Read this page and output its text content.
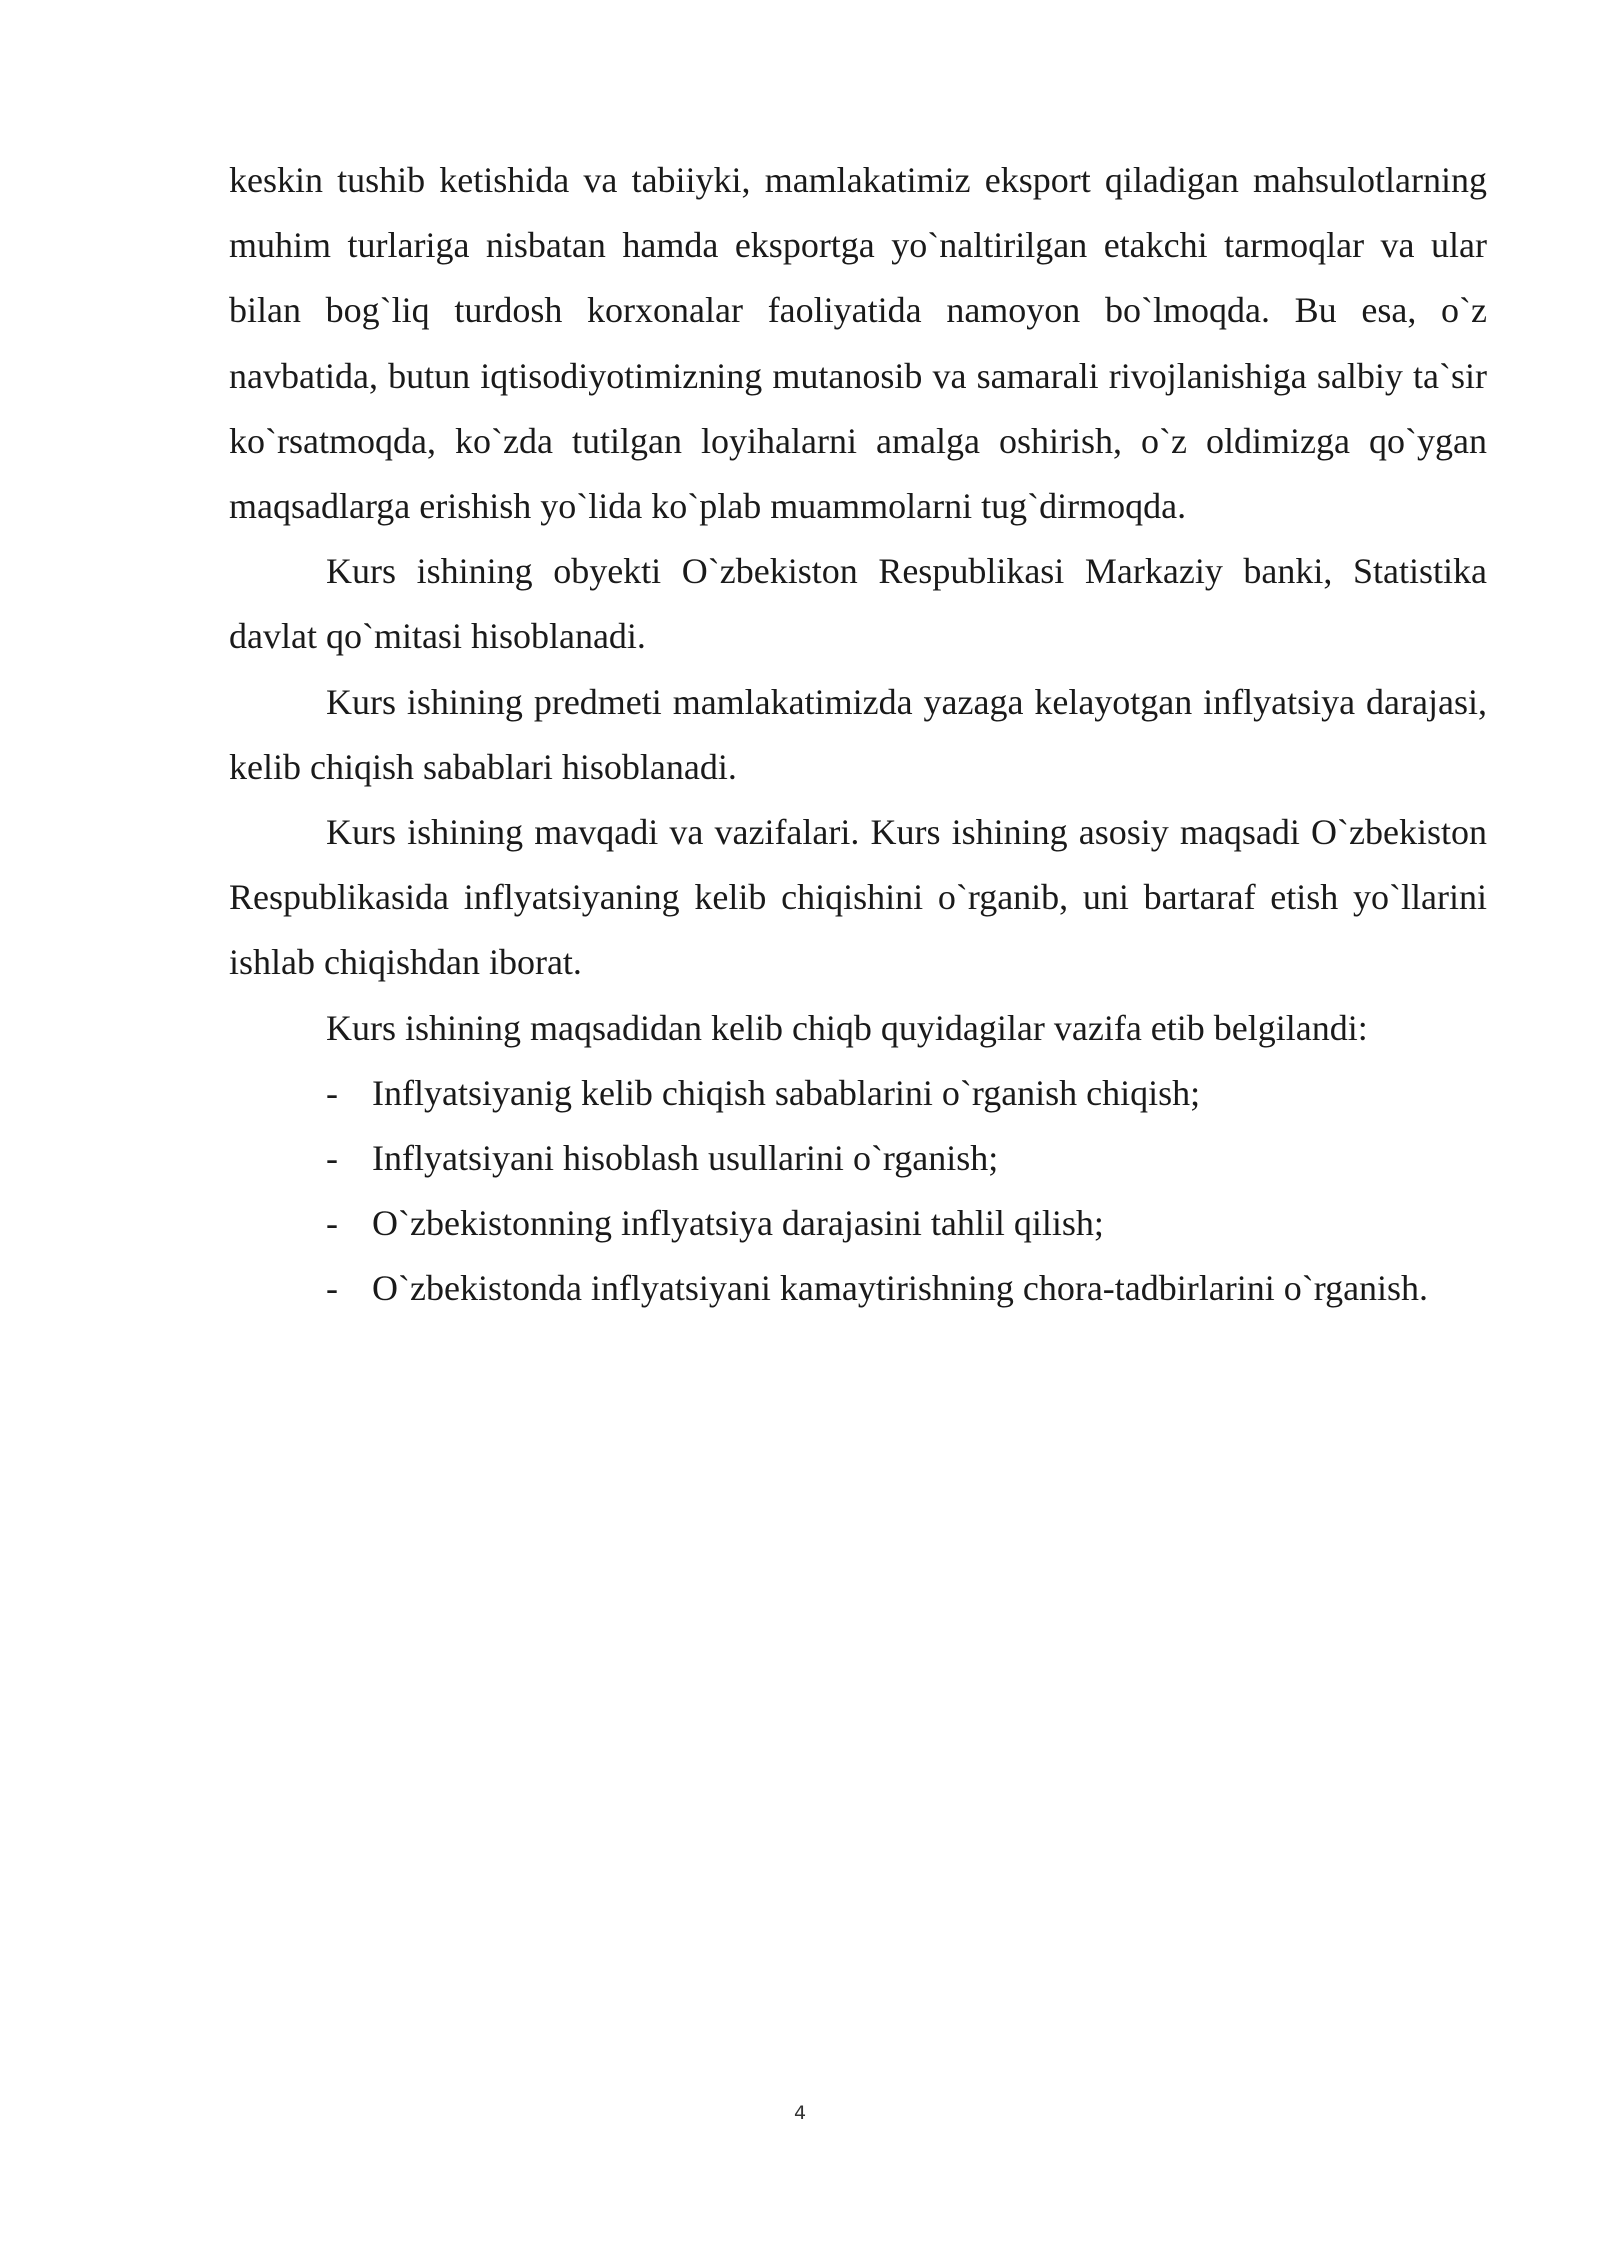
keskin tushib ketishida va tabiiyki, mamlakatimiz eksport qiladigan mahsulotlarning muhim turlariga nisbatan hamda eksportga yo`naltirilgan etakchi tarmoqlar va ular bilan bog`liq turdosh korxonalar faoliyatida namoyon bo`lmoqda. Bu esa, o`z navbatida, butun iqtisodiyotimizning mutanosib va samarali rivojlanishiga salbiy ta`sir ko`rsatmoqda, ko`zda tutilgan loyihalarni amalga oshirish, o`z oldimizga qo`ygan maqsadlarga erishish yo`lida ko`plab muammolarni tug`dirmoqda.

Kurs ishining obyekti O`zbekiston Respublikasi Markaziy banki, Statistika davlat qo`mitasi hisoblanadi.

Kurs ishining predmeti mamlakatimizda yazaga kelayotgan inflyatsiya darajasi, kelib chiqish sabablari hisoblanadi.

Kurs ishining mavqadi va vazifalari. Kurs ishining asosiy maqsadi O`zbekiston Respublikasida inflyatsiyaning kelib chiqishini o`rganib, uni bartaraf etish yo`llarini ishlab chiqishdan iborat.

Kurs ishining maqsadidan kelib chiqb quyidagilar vazifa etib belgilandi:

- Inflyatsiyanig kelib chiqish sabablarini o`rganish chiqish;
- Inflyatsiyani hisoblash usullarini o`rganish;
- O`zbekistonning inflyatsiya darajasini tahlil qilish;
- O`zbekistonda inflyatsiyani kamaytirishning chora-tadbirlarini o`rganish.
4
